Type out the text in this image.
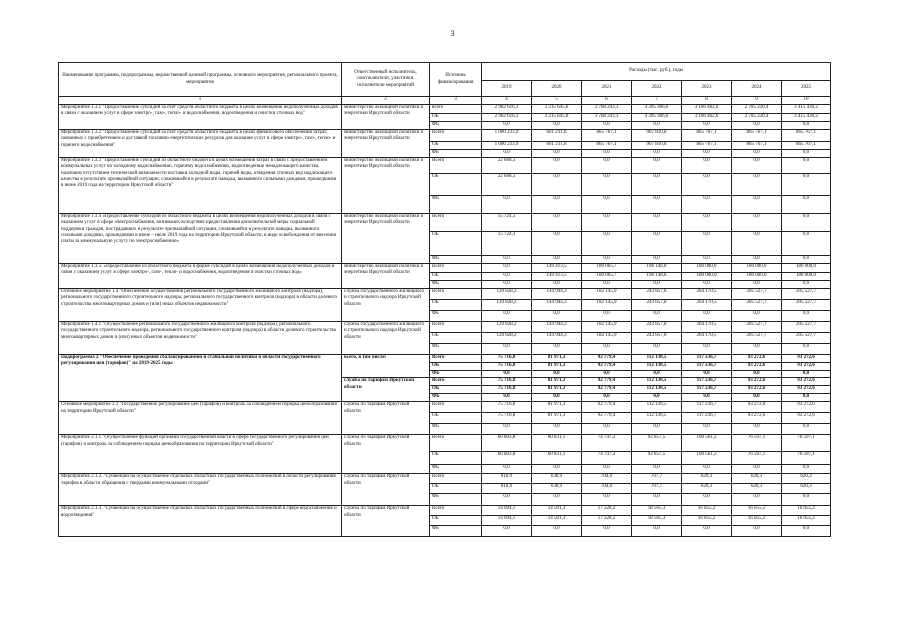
3
Наименование программы, подпрограммы, ведомственной целевой программы, основного мероприятия, регионального проекта, мероприятия	Ответственный исполнитель, соисполнители, участники, исполнители мероприятий	Источник финансирования	Расходы (тыс. руб.), годы						
			2019	2020	2021	2022	2023	2024	2025
1	2	3	4	5	6	7	8	9	10
Мероприятие 1.3.1 "Предоставление субсидий за счет средств областного бюджета в целях возмещения недополученных доходов в связи с оказанием услуг в сфере электро-, газо-, тепло- и водоснабжения, водоотведения и очистки сточных вод"	министерство жилищной политики и энергетики Иркутской области	всего	2 962 616,3	3 215 645,8	3 768 243,3	4 395 306,6	3 166 462,6	2 705 220,4	3 415 430,2
		ОБ	2 962 616,3	3 215 645,8	3 768 243,3	4 395 306,6	3 166 462,6	2 705 220,4	3 415 430,2
		ФБ	0,0	0,0	0,0	0,0	0,0	0,0	0,0
Мероприятие 1.3.2 "Предоставление субсидий за счет средств областного бюджета в целях финансового обеспечения затрат, связанных с приобретением и доставкой топливно-энергетических ресурсов для оказания услуг в сфере электро-, газо-, тепло- и горячего водоснабжения"	министерство жилищной политики и энергетики Иркутской области	Всего	1 000 233,9	661 231,8	865 767,1	967 810,8	865 767,1	865 767,1	865 767,1
		ОБ	1 000 233,9	661 231,8	865 767,1	967 810,8	865 767,1	865 767,1	865 767,1
		ФБ	0,0	0,0	0,0	0,0	0,0	0,0	0,0
Мероприятие 1.3.3 "Предоставление субсидий из областного бюджета в целях возмещения затрат в связи с предоставлением коммунальных услуг по холодному водоснабжению, горячему водоснабжению, водоотведению ненадлежащего качества, наличием отсутствием технической возможности поставки холодной воды, горячей воды, отведения сточных вод надлежащего качества в результате чрезвычайной ситуации, сложившейся в результате паводка, вызванного сильными дождями, прошедшими в июне 2019 года на территории Иркутской области"	министерство жилищной политики и энергетики Иркутской области	Всего	22 668,3	0,0	0,0	0,0	0,0	0,0	0,0
		ОБ	22 668,3	0,0	0,0	0,0	0,0	0,0	0,0
		ФБ	0,0	0,0	0,0	0,0	0,0	0,0	0,0
Мероприятие 1.3.4 «Предоставление субсидий из областного бюджета в целях возмещения недополученных доходов в связи с оказанием услуг в сфере электроснабжения, возникших вследствие предоставления дополнительной меры социальной поддержки граждан, пострадавших в результате чрезвычайной ситуации, сложившейся в результате паводка, вызванного сильными дождями, прошедшими в июне – июле 2019 года на территории Иркутской области, в виде освобождения от внесения платы за коммунальную услугу по электроснабжению»	министерство жилищной политики и энергетики Иркутской области	Всего	15 724,3	0,0	0,0	0,0	0,0	0,0	0,0
		ОБ	15 724,3	0,0	0,0	0,0	0,0	0,0	0,0
		ФБ	0,0	0,0	0,0	0,0	0,0	0,0	0,0
Мероприятие 1.3.5. «Предоставление из областного бюджета в форме субсидий в целях возмещения недополученных доходов в связи с оказанием услуг в сфере электро-, газо-, тепло- и водоснабжения, водоотведения и очистки сточных вод»	министерство жилищной политики и энергетики Иркутской области	Всего	0,0	149 413,5	180 065,7	196 148,8	180 000,0	180 000,0	180 000,0
		ОБ	0,0	149 413,5	180 065,7	196 148,8	180 000,0	180 000,0	180 000,0
		ФБ	0,0	0,0	0,0	0,0	0,0	0,0	0,0
Основное мероприятие 1.4 "Обеспечение осуществления регионального государственного жилищного контроля (надзора), регионального государственного строительного надзора, регионального государственного контроля (надзора) в области долевого строительства многоквартирных домов и (или) иных объектов недвижимости"	служба государственного жилищного и строительного надзора Иркутской области	Всего	120 828,2	144 944,3	182 145,9	243 857,8	264 170,5	205 527,7	205 527,7
		ОБ	120 828,2	144 944,3	182 145,9	243 857,8	264 170,5	205 527,7	205 527,7
		ФБ	0,0	0,0	0,0	0,0	0,0	0,0	0,0
Мероприятие 1.4.1 "Осуществление регионального государственного жилищного контроля (надзора), регионального государственного строительного надзора, регионального государственного контроля (надзора) в области долевого строительства многоквартирных домов и (или) иных объектов недвижимости"	служба государственного жилищного и строительного надзора Иркутской области	Всего	120 828,2	144 944,3	182 145,9	243 857,8	264 170,5	205 527,7	205 527,7
		ОБ	120 828,2	144 944,3	182 145,9	243 857,8	264 170,5	205 527,7	205 527,7
		ФБ	0,0	0,0	0,0	0,0	0,0	0,0	0,0
Подпрограмма 2 "Обеспечение проведения сбалансированной и стабильной политики в области государственного регулирования цен (тарифов)" на 2019-2025 годы	всего, в том числе:	Всего	75 716,8	81 971,3	92 779,4	112 130,5	117 236,7	93 272,6	93 272,6
		ОБ	75 716,8	81 971,3	92 779,4	112 130,5	117 236,7	93 272,6	93 272,6
		ФБ	0,0	0,0	0,0	0,0	0,0	0,0	0,0
	служба по тарифам Иркутской области	Всего	75 716,8	81 971,3	92 779,4	112 130,5	117 236,7	93 272,6	93 272,6
		ОБ	75 716,8	81 971,3	92 779,4	112 130,5	117 236,7	93 272,6	93 272,6
		ФБ	0,0	0,0	0,0	0,0	0,0	0,0	0,0
Основное мероприятие 2.1 "Государственное регулирование цен (тарифов) и контроль за соблюдением порядка ценообразования на территории Иркутской области"	служба по тарифам Иркутской области	Всего	75 716,8	81 971,3	92 779,4	112 130,5	117 236,7	93 272,6	93 272,6
		ОБ	75 716,8	81 971,3	92 779,4	112 130,5	117 236,7	93 272,6	93 272,6
		ФБ	0,0	0,0	0,0	0,0	0,0	0,0	0,0
Мероприятие 2.1.1."Осуществление функций органами государственной власти в сфере государственного регулирования цен (тарифов) и контроль за соблюдением порядка ценообразования на территории Иркутской области"	служба по тарифам Иркутской области	Всего	60 803,8	60 831,1	74 747,2	92 857,5	100 561,2	76 597,1	76 597,1
		ОБ	60 803,8	60 831,1	74 747,2	92 857,5	100 561,2	76 597,1	76 597,1
		ФБ	0,0	0,0	0,0	0,0	0,0	0,0	0,0
Мероприятие 2.1.2. "Субвенции на осуществление отдельных областных государственных полномочий в области регулирования тарифов в области обращения с твердыми коммунальными отходами"	служба по тарифам Иркутской области	Всего	818,9	638,9	704,0	707,7	620,3	620,3	620,3
		ОБ	818,9	638,9	704,0	707,7	620,3	620,3	620,3
		ФБ	0,0	0,0	0,0	0,0	0,0	0,0	0,0
Мероприятие 2.1.3. "Субвенции на осуществление отдельных областных государственных полномочий в сфере водоснабжения и водоотведения"	служба по тарифам Иркутской области	Всего	14 094,1	14 501,3	17 328,2	18 565,3	16 055,2	16 055,2	16 055,2
		ОБ	14 094,1	14 501,3	17 328,2	18 565,3	16 055,2	16 055,2	16 055,2
		ФБ	0,0	0,0	0,0	0,0	0,0	0,0	0,0
